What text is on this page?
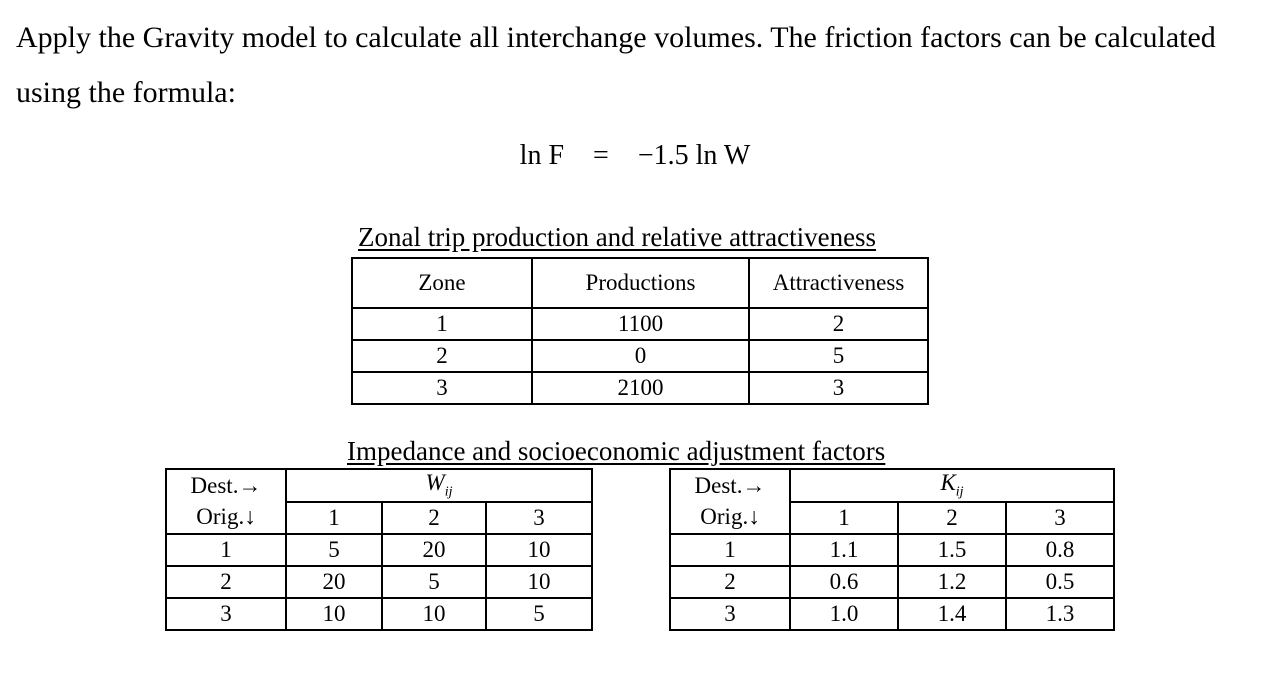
Apply the Gravity model to calculate all interchange volumes. The friction factors can be calculated using the formula:

ln F = −1.5 ln W
Zonal trip production and relative attractiveness
Zone	Productions	Attractiveness
1	1100	2
2	0	5
3	2100	3
Impedance and socioeconomic adjustment factors
Dest.→	$W_{ij}$
Orig.↓	1	2	3
1	5	20	10
2	20	5	10
3	10	10	5
Dest.→	$K_{ij}$
Orig.↓	1	2	3
1	1.1	1.5	0.8
2	0.6	1.2	0.5
3	1.0	1.4	1.3
